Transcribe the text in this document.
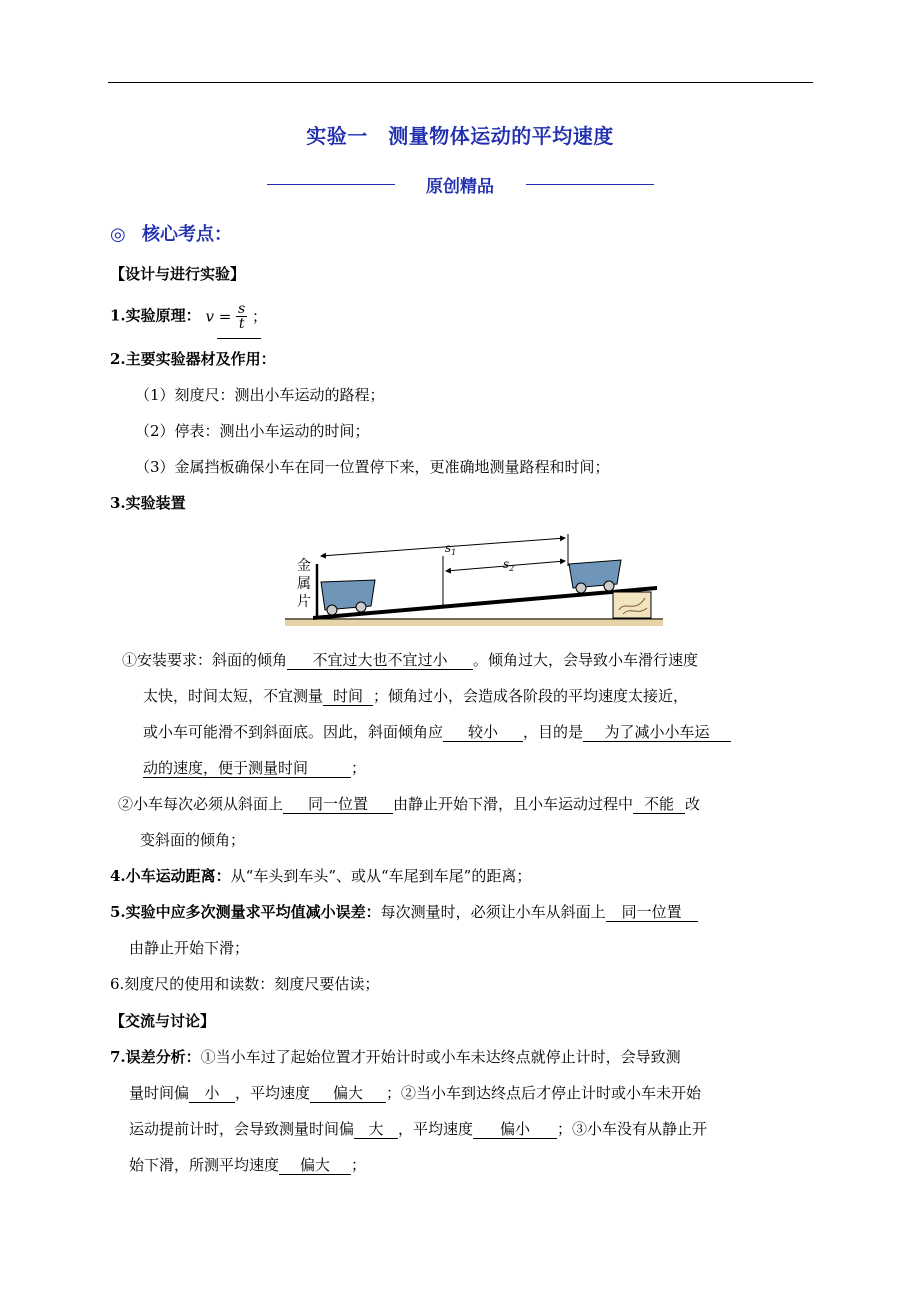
实验一　测量物体运动的平均速度
原创精品
◎ 核心考点：
【设计与进行实验】
1.实验原理： $v = \frac{s}{t}$ ；
2.主要实验器材及作用：
（1）刻度尺：测出小车运动的路程；
（2）停表：测出小车运动的时间；
（3）金属挡板确保小车在同一位置停下来，更准确地测量路程和时间；
3.实验装置
$s_1$
$s_2$
金
属
片
①安装要求：斜面的倾角 不宜过大也不宜过小 。倾角过大，会导致小车滑行速度
太快，时间太短，不宜测量 时间 ；倾角过小，会造成各阶段的平均速度太接近，
或小车可能滑不到斜面底。因此，斜面倾角应 较小 ，目的是 为了减小小车运
动的速度，便于测量时间	；
②小车每次必须从斜面上 同一位置 由静止开始下滑，且小车运动过程中 不能 改
变斜面的倾角；
4.小车运动距离：从“车头到车头”、或从“车尾到车尾”的距离；
5.实验中应多次测量求平均值减小误差：每次测量时，必须让小车从斜面上 同一位置
由静止开始下滑；
6.刻度尺的使用和读数：刻度尺要估读；
【交流与讨论】
7.误差分析：①当小车过了起始位置才开始计时或小车未达终点就停止计时，会导致测
量时间偏 小 ，平均速度 偏大 ；②当小车到达终点后才停止计时或小车未开始
运动提前计时，会导致测量时间偏 大 ，平均速度 偏小 ；③小车没有从静止开
始下滑，所测平均速度 偏大 ；
